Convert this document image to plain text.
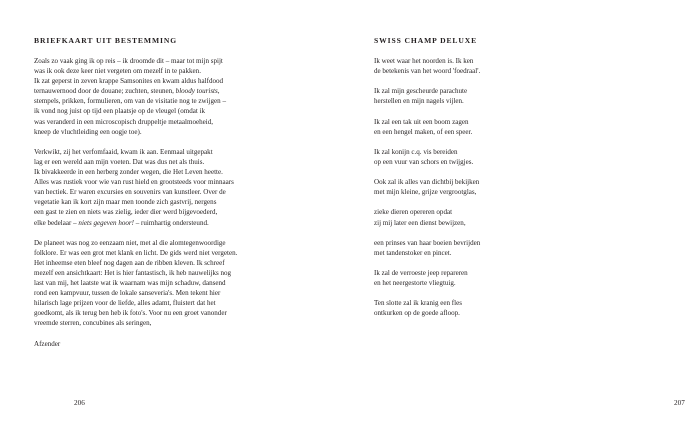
BRIEFKAART UIT BESTEMMING
Zoals zo vaak ging ik op reis – ik droomde dit – maar tot mijn spijt
was ik ook deze keer niet vergeten om mezelf in te pakken.
Ik zat geperst in zeven krappe Samsonites en kwam aldus halfdood
ternauwernood door de douane; zuchten, steunen, bloody tourists,
stempels, prikken, formulieren, om van de visitatie nog te zwijgen –
ik vond nog juist op tijd een plaatsje op de vleugel (omdat ik
was veranderd in een microscopisch druppeltje metaalmoeheid,
kneep de vluchtleiding een oogje toe).
Verkwikt, zij het verfomfaaid, kwam ik aan. Eenmaal uitgepakt
lag er een wereld aan mijn voeten. Dat was dus net als thuis.
Ik bivakkeerde in een herberg zonder wegen, die Het Leven heette.
Alles was rustiek voor wie van rust hield en grootsteeds voor minnaars
van hectiek. Er waren excursies en souvenirs van kunstleer. Over de
vegetatie kan ik kort zijn maar men toonde zich gastvrij, nergens
een gast te zien en niets was zielig, ieder dier werd bijgevoederd,
elke bedelaar – niets gegeven hoor! – ruimhartig ondersteund.
De planeet was nog zo eenzaam niet, met al die alomtegenwoordige
folklore. Er was een grot met klank en licht. De gids werd niet vergeten.
Het inheemse eten bleef nog dagen aan de ribben kleven. Ik schreef
mezelf een ansichtkaart: Het is hier fantastisch, ik heb nauwelijks nog
last van mij, het laatste wat ik waarnam was mijn schaduw, dansend
rond een kampvuur, tussen de lokale sanseveria's. Men tekent hier
hilarisch lage prijzen voor de liefde, alles adamt, fluistert dat het
goedkomt, als ik terug ben heb ik foto's. Voor nu een groet vanonder
vreemde sterren, concubines als seringen,
Afzender
206
SWISS CHAMP DELUXE
Ik weet waar het noorden is. Ik ken
de betekenis van het woord 'foedraal'.
Ik zal mijn gescheurde parachute
herstellen en mijn nagels vijlen.
Ik zal een tak uit een boom zagen
en een hengel maken, of een speer.
Ik zal konijn c.q. vis bereiden
op een vuur van schors en twijgjes.
Ook zal ik alles van dichtbij bekijken
met mijn kleine, grijze vergrootglas,
zieke dieren opereren opdat
zij mij later een dienst bewijzen,
een prinses van haar boeien bevrijden
met tandenstoker en pincet.
Ik zal de verroeste jeep repareren
en het neergestorte vliegtuig.
Ten slotte zal ik kranig een fles
ontkurken op de goede afloop.
207
